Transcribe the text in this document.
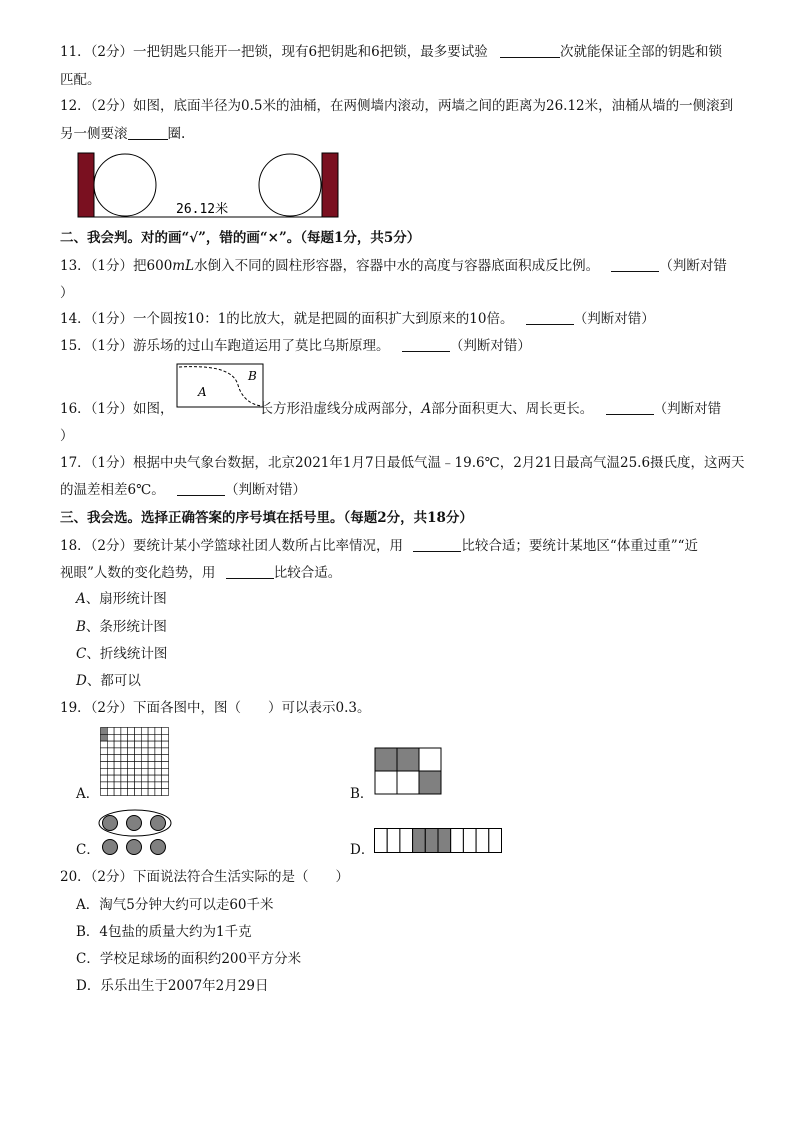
11．（2分）一把钥匙只能开一把锁，现有6把钥匙和6把锁，最多要试验	次就能保证全部的钥匙和锁
匹配。
12．（2分）如图，底面半径为0.5米的油桶，在两侧墙内滚动，两墙之间的距离为26.12米，油桶从墙的一侧滚到
另一侧要滚	圈.
26.12米
二、我会判。对的画“√”，错的画“×”。（每题1分，共5分）
13．（1分）把600mL水倒入不同的圆柱形容器，容器中水的高度与容器底面积成反比例。	（判断对错
）
14．（1分）一个圆按10：1的比放大，就是把圆的面积扩大到原来的10倍。	（判断对错）
15．（1分）游乐场的过山车跑道运用了莫比乌斯原理。	（判断对错）
A
B
16．（1分）如图，	长方形沿虚线分成两部分，A部分面积更大、周长更长。	（判断对错
）
17．（1分）根据中央气象台数据，北京2021年1月7日最低气温﹣19.6℃，2月21日最高气温25.6摄氏度，这两天
的温差相差6℃。	（判断对错）
三、我会选。选择正确答案的序号填在括号里。（每题2分，共18分）
18．（2分）要统计某小学篮球社团人数所占比率情况，用	比较合适；要统计某地区“体重过重”“近
视眼”人数的变化趋势，用	比较合适。
A、扇形统计图
B、条形统计图
C、折线统计图
D、都可以
19．（2分）下面各图中，图（　　）可以表示0.3。
A．	B．
C．	D．
20．（2分）下面说法符合生活实际的是（　　）
A．淘气5分钟大约可以走60千米
B．4包盐的质量大约为1千克
C．学校足球场的面积约200平方分米
D．乐乐出生于2007年2月29日
